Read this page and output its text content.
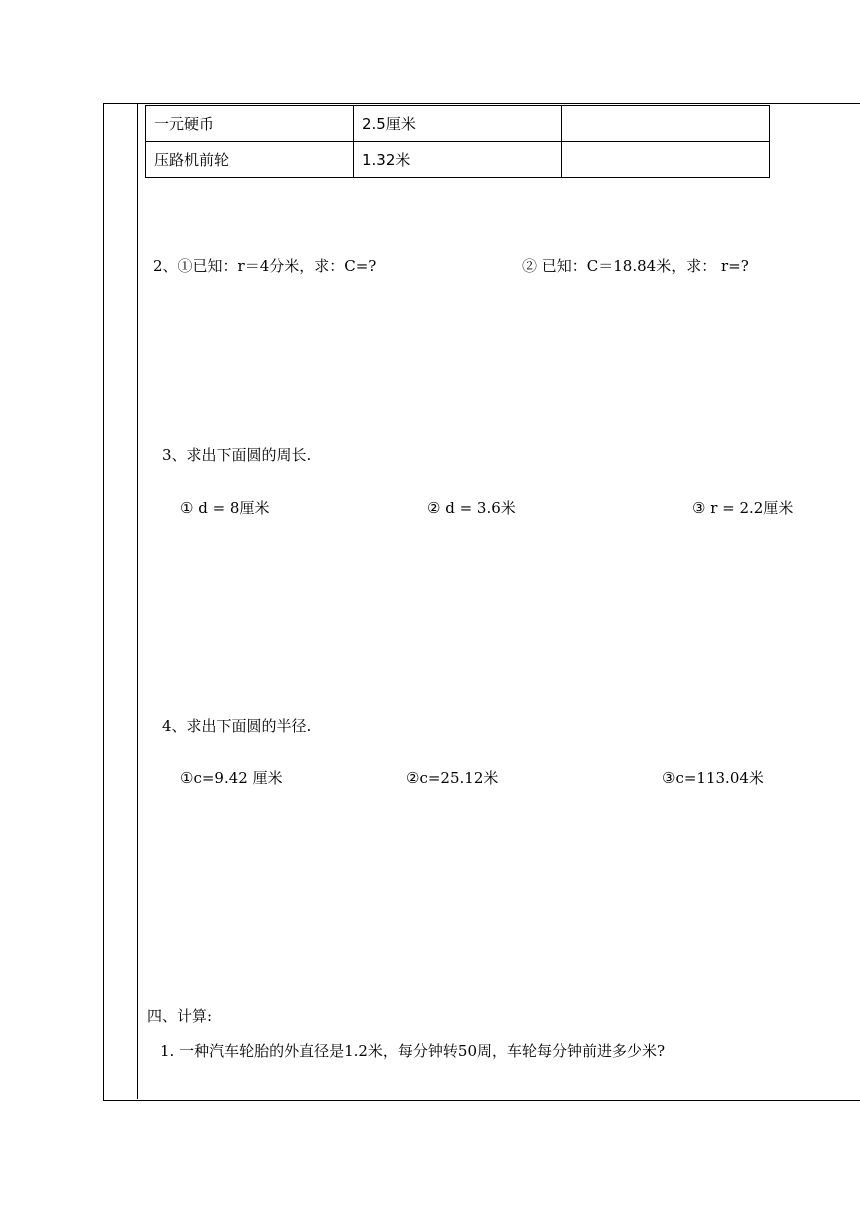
一元硬币	2.5厘米	
压路机前轮	1.32米	
2、①已知：r＝4分米，求：C=?	② 已知：C＝18.84米，求： r=?
3、求出下面圆的周长.
① d = 8厘米	② d = 3.6米	③ r = 2.2厘米
4、求出下面圆的半径.
①c=9.42 厘米	②c=25.12米	③c=113.04米
四、计算:
1. 一种汽车轮胎的外直径是1.2米，每分钟转50周，车轮每分钟前进多少米?
